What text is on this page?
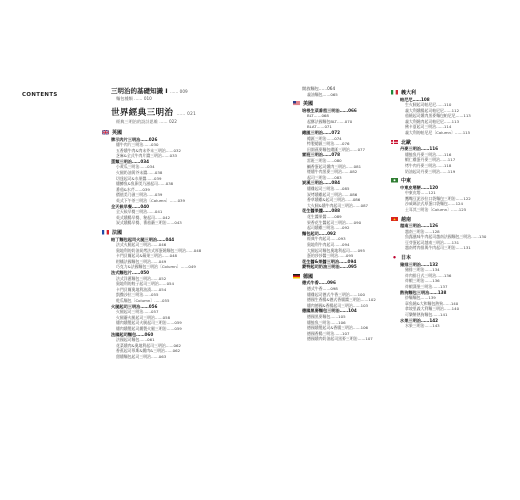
CONTENTS	三明治的基礎知識 I …… 009
麵包種類 …… 010
世界經典三明治 …… 021
經典三明治的設計思維 …… 022
英國
牌示肉片三明治……026
燻牛肉片三明治……030
五香燻牛肉&肉末芥末三明治……032
芝麻&全式牛肉片醬三明治……033
蛋類三明治……034
小黃瓜三明治……034
火腿奶油黃芥末醬……038
切達起司&水果醬……039
燻鱒魚&魚卵美乃滋起司……038
番茄&水芹……039
價值美乃滋三明治……039
英式下午茶三明治〔Column〕……039
全天候早餐……040
全天候早餐三明治……041
英式燻腸早餐、秘起司……042
炭式燻腸早餐、番茄蘑三明治……043
法國
帕丁麵包起司火腿三明治……044
法式火腿起司三明治……046
奧地利的奶油炭烤法式厚蛋燒麵包三明治……048
卡門貝爾起司&蘋果三明治……048
柑橘法國麵包三明治……049
巧克力&法國麵包三明治〔Column〕……049
法式麵包片……050
法式洋蔥麵包三明治……052
奧地利的餃子起司三明治……054
卡門貝爾奧地利油漬……054
凱撒沙拉三明治……055
乾瓜麵包〔Column〕……055
火腿起司三明治……056
火腿起司三明治……057
火腿蘑火腿起司三明治……058
燻肉燻製起司火腿起司三明治……059
燻肉燻製起司燻製火腿三明治……059
法國起司麵包……060
法國起司麵包……061
花菜燻肉&奧地利起司三明治……062
香蕉起司慕斯&燻肉&三明治……062
甜燻麵包起司三明治……063
開放麵包……064
義油麵包……065
美國
培根生菜番茄三明治……066
BLT……068
起酥法國麵包BLT……070
BLAT……071
總匯三明治……072
總匯三明治……074
特製總匯三明治……076
田園燕麥麵包總匯三明治……077
雷班三明治……078
雷班三明治……080
鹹香蛋起司燻肉三明治……081
煙燻牛肉黑麥三明治……082
起司三明治……083
炭溪三明治……084
燻雞起司三明治……085
炭烤燻雞起司三明治……086
香草燻雞&起司三明治……086
大火腿&燻牛肉起司三明治……087
花生醬果醬……088
花生醬果醬……089
果香花生醬起司三明治……090
起司燻雞三明治……092
麵包起司……092
經典牛肉起司……093
奧地利牛肉起司……094
大腿起司麵包奧地利起司……095
蛋的莎莎醬三明治……095
花生醬&果醬三明治……094
蒙特起司奶油三明治……095
德國
德式牛香……096
德式牛香……098
燻雞起司德式牛香三明治……100
德國生香腸&德式香腸醬三明治……102
燻肉德國&香腸起司三明治……103
德國黑麥麵包三明治……104
德國黑麥麵包……105
燻鮭魚三明治……106
德國燻製起司&香腸三明治……106
德國香腸三明治……107
德國燻肉奶油起司黑麥三明治……107
義大利
帕尼尼……108
生火腿起司帕尼尼……110
義大利燻腸起司帕尼尼……112
茄燒起司燻肉黑麥麵包帕尼尼……113
義大利燒肉起司帕尼尼……113
佛卡夏起司三明治……114
義大利的帕尼尼〔Column〕……115
北歐
丹麥三明治……116
燻鮭魚丹麥三明治……116
蝦仁雞蛋丹麥三明治……117
烤牛肉丹麥三明治……118
奶油起司丹麥三明治……119
中東
中東皮塔餅……120
中東皮塔……121
鷹嘴豆泥沙拉口袋麵包三明治……122
沙威瑪法式厚蛋口袋麵包……124
土耳其三明治〔Column〕……125
越南
越南三明治……126
越南三明治……128
魚露風味牛肉起司越南法國麵包三明治……130
豆芽蛋起司越南三明治……131
越南烤肉排與牛肉起司三明治……131
日本
豬排三明治……132
豬排三明治……134
炸肉排日式三明治……136
炸蝦三明治……136
炸蝦漢堡三明治……137
熱狗麵包三明治……138
炒麵麵包……139
章魚燒&大和麵包熱狗……140
拿坡里義大利麵三明治……140
可樂餅熱狗麵包……141
水果三明治……142
水果三明治……143
